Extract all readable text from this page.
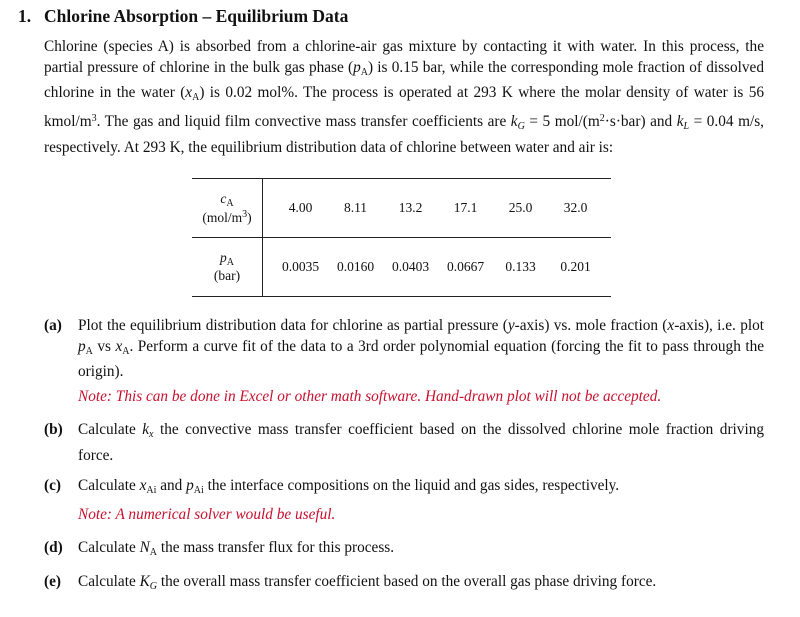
1. Chlorine Absorption – Equilibrium Data
Chlorine (species A) is absorbed from a chlorine-air gas mixture by contacting it with water. In this process, the partial pressure of chlorine in the bulk gas phase $(p_A)$ is 0.15 bar, while the corresponding mole fraction of dissolved chlorine in the water $(x_A)$ is 0.02 mol%. The process is operated at 293 K where the molar density of water is 56 kmol/$m^3$. The gas and liquid film convective mass transfer coefficients are $k_G = 5$ mol/$(m^2\cdot s\cdot bar)$ and $k_L = 0.04$ m/s, respectively. At 293 K, the equilibrium distribution data of chlorine between water and air is:
$c_A$
$(mol/m^3)$	4.00	8.11	13.2	17.1	25.0	32.0

$p_A$
(bar)	0.0035	0.0160	0.0403	0.0667	0.133	0.201
(a) Plot the equilibrium distribution data for chlorine as partial pressure (y-axis) vs. mole fraction (x-axis), i.e. plot $p_A$ vs $x_A$. Perform a curve fit of the data to a 3rd order polynomial equation (forcing the fit to pass through the origin).
Note: This can be done in Excel or other math software. Hand-drawn plot will not be accepted.
(b) Calculate $k_x$ the convective mass transfer coefficient based on the dissolved chlorine mole fraction driving force.
(c) Calculate $x_{Ai}$ and $p_{Ai}$ the interface compositions on the liquid and gas sides, respectively.
Note: A numerical solver would be useful.
(d) Calculate $N_A$ the mass transfer flux for this process.
(e) Calculate $K_G$ the overall mass transfer coefficient based on the overall gas phase driving force.
